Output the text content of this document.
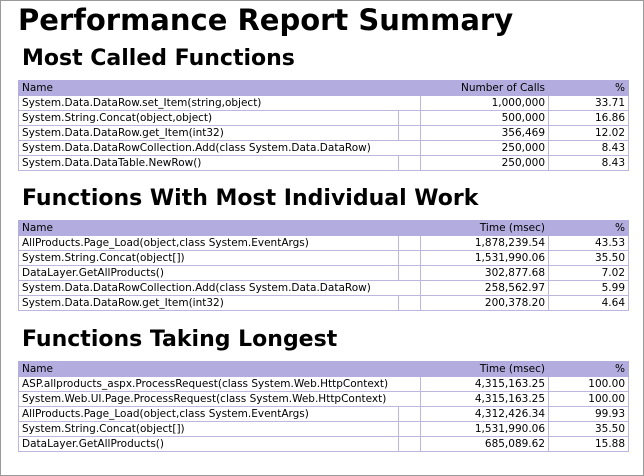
Performance Report Summary
Most Called Functions
Name		Number of Calls	%
System.Data.DataRow.set_Item(string,object)		1,000,000	33.71
System.String.Concat(object,object)		500,000	16.86
System.Data.DataRow.get_Item(int32)		356,469	12.02
System.Data.DataRowCollection.Add(class System.Data.DataRow)		250,000	8.43
System.Data.DataTable.NewRow()		250,000	8.43
Functions With Most Individual Work
Name		Time (msec)	%
AllProducts.Page_Load(object,class System.EventArgs)		1,878,239.54	43.53
System.String.Concat(object[])		1,531,990.06	35.50
DataLayer.GetAllProducts()		302,877.68	7.02
System.Data.DataRowCollection.Add(class System.Data.DataRow)		258,562.97	5.99
System.Data.DataRow.get_Item(int32)		200,378.20	4.64
Functions Taking Longest
Name		Time (msec)	%
ASP.allproducts_aspx.ProcessRequest(class System.Web.HttpContext)		4,315,163.25	100.00
System.Web.UI.Page.ProcessRequest(class System.Web.HttpContext)		4,315,163.25	100.00
AllProducts.Page_Load(object,class System.EventArgs)		4,312,426.34	99.93
System.String.Concat(object[])		1,531,990.06	35.50
DataLayer.GetAllProducts()		685,089.62	15.88
